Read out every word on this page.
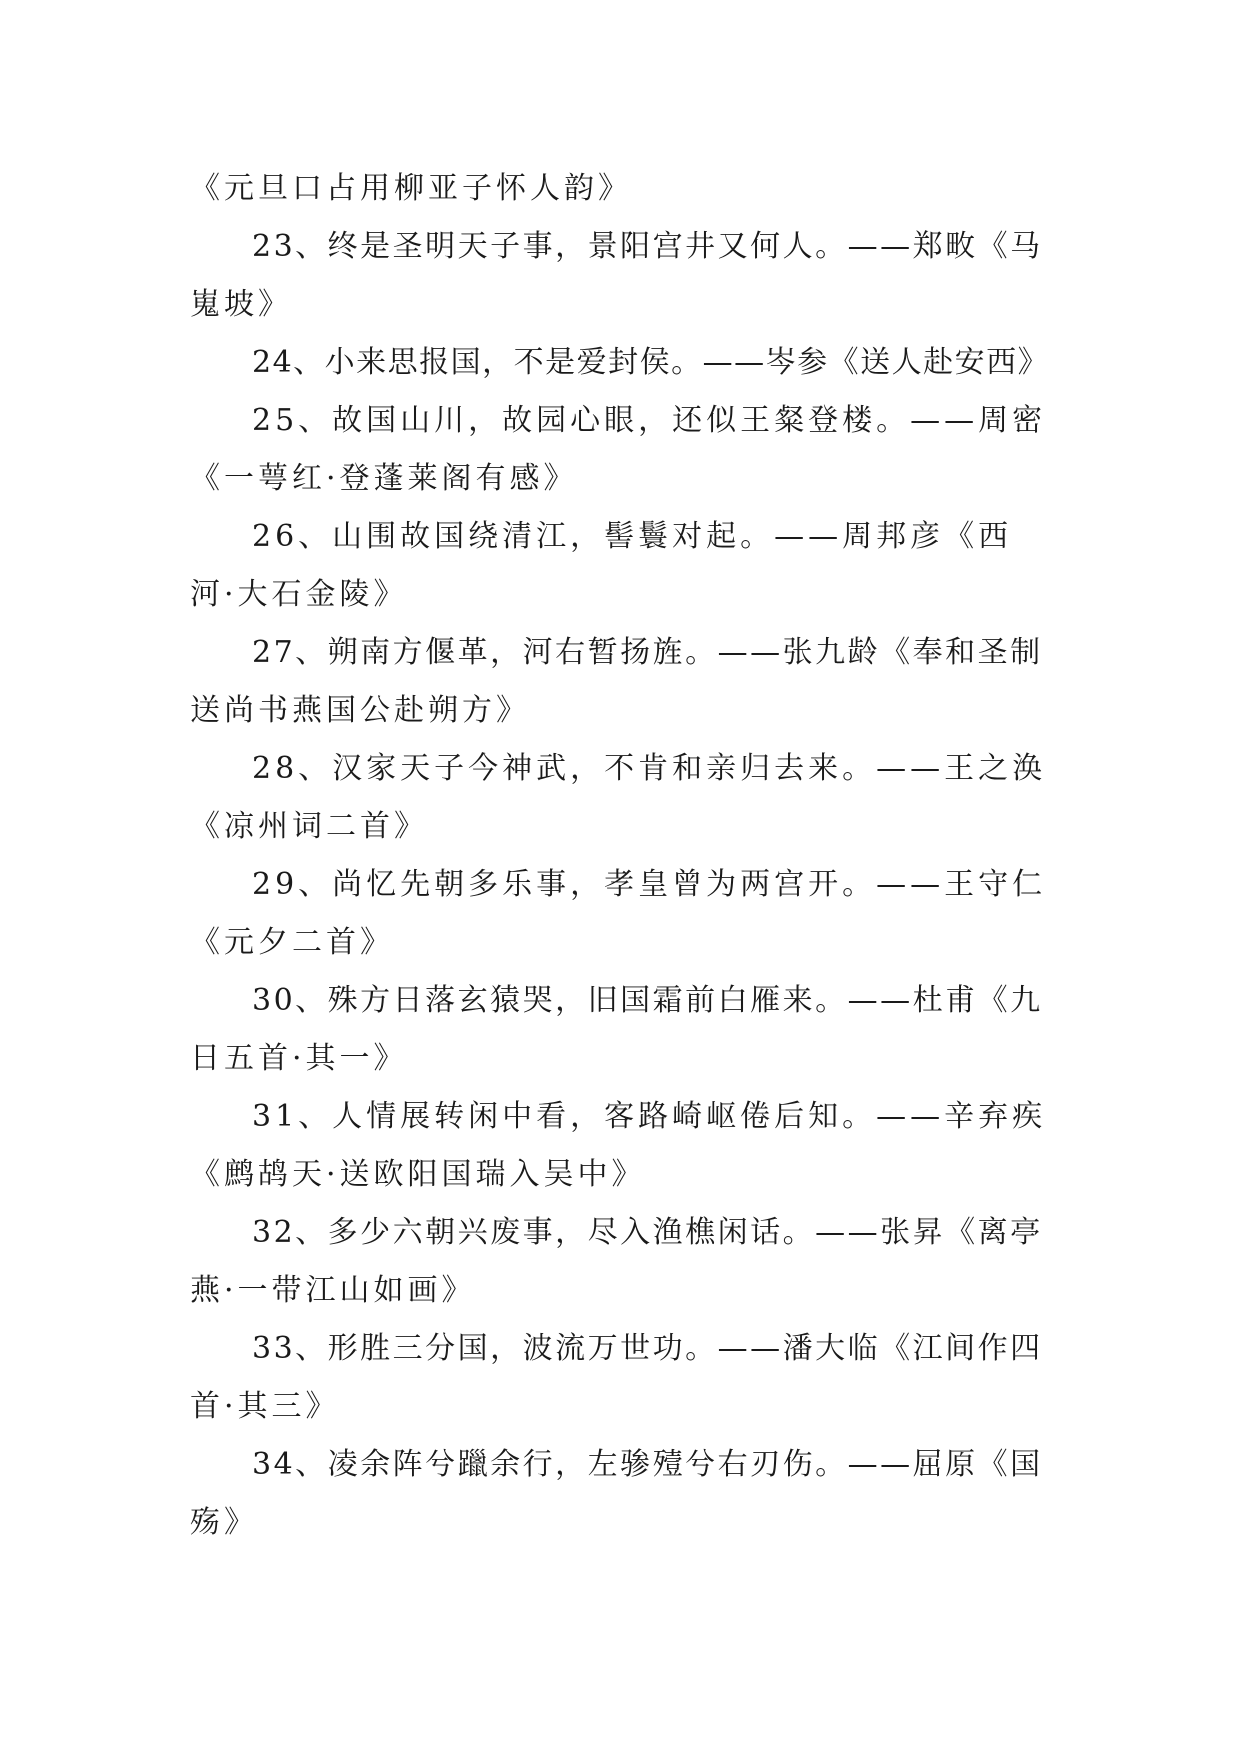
《元旦口占用柳亚子怀人韵》
23、终是圣明天子事，景阳宫井又何人。——郑畋《马
嵬坡》
24、小来思报国，不是爱封侯。——岑参《送人赴安西》
25、故国山川，故园心眼，还似王粲登楼。——周密
《一萼红·登蓬莱阁有感》
26、山围故国绕清江，髻鬟对起。——周邦彦《西
河·大石金陵》
27、朔南方偃革，河右暂扬旌。——张九龄《奉和圣制
送尚书燕国公赴朔方》
28、汉家天子今神武，不肯和亲归去来。——王之涣
《凉州词二首》
29、尚忆先朝多乐事，孝皇曾为两宫开。——王守仁
《元夕二首》
30、殊方日落玄猿哭，旧国霜前白雁来。——杜甫《九
日五首·其一》
31、人情展转闲中看，客路崎岖倦后知。——辛弃疾
《鹧鸪天·送欧阳国瑞入吴中》
32、多少六朝兴废事，尽入渔樵闲话。——张昇《离亭
燕·一带江山如画》
33、形胜三分国，波流万世功。——潘大临《江间作四
首·其三》
34、凌余阵兮躐余行，左骖殪兮右刃伤。——屈原《国
殇》
